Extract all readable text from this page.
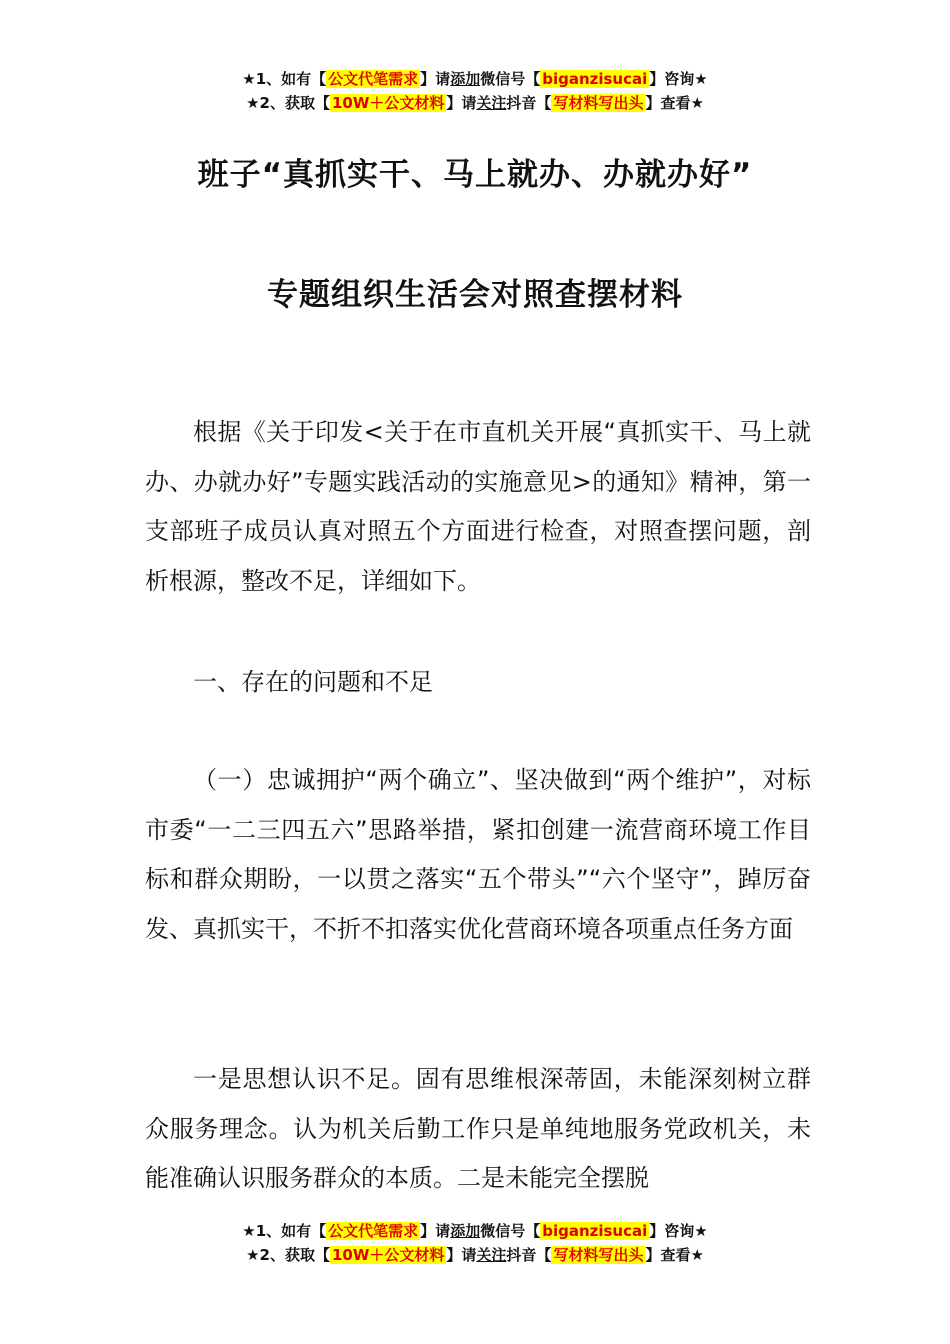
★1、如有【 公文代笔需求 】请添加微信号【 biganzisucai 】咨询★
★2、获取【 10W＋公文材料 】请关注抖音【 写材料写出头 】查看★
班子“真抓实干、马上就办、办就办好”
专题组织生活会对照查摆材料

根据《关于印发<关于在市直机关开展“真抓实干、马上就办、办就办好”专题实践活动的实施意见>的通知》精神，第一支部班子成员认真对照五个方面进行检查，对照查摆问题，剖析根源，整改不足，详细如下。

一、存在的问题和不足

（一）忠诚拥护“两个确立”、坚决做到“两个维护”，对标市委“一二三四五六”思路举措，紧扣创建一流营商环境工作目标和群众期盼，一以贯之落实“五个带头”“六个坚守”，踔厉奋发、真抓实干，不折不扣落实优化营商环境各项重点任务方面

一是思想认识不足。固有思维根深蒂固，未能深刻树立群众服务理念。认为机关后勤工作只是单纯地服务党政机关，未能准确认识服务群众的本质。二是未能完全摆脱

★1、如有【 公文代笔需求 】请添加微信号【 biganzisucai 】咨询★
★2、获取【 10W＋公文材料 】请关注抖音【 写材料写出头 】查看★
